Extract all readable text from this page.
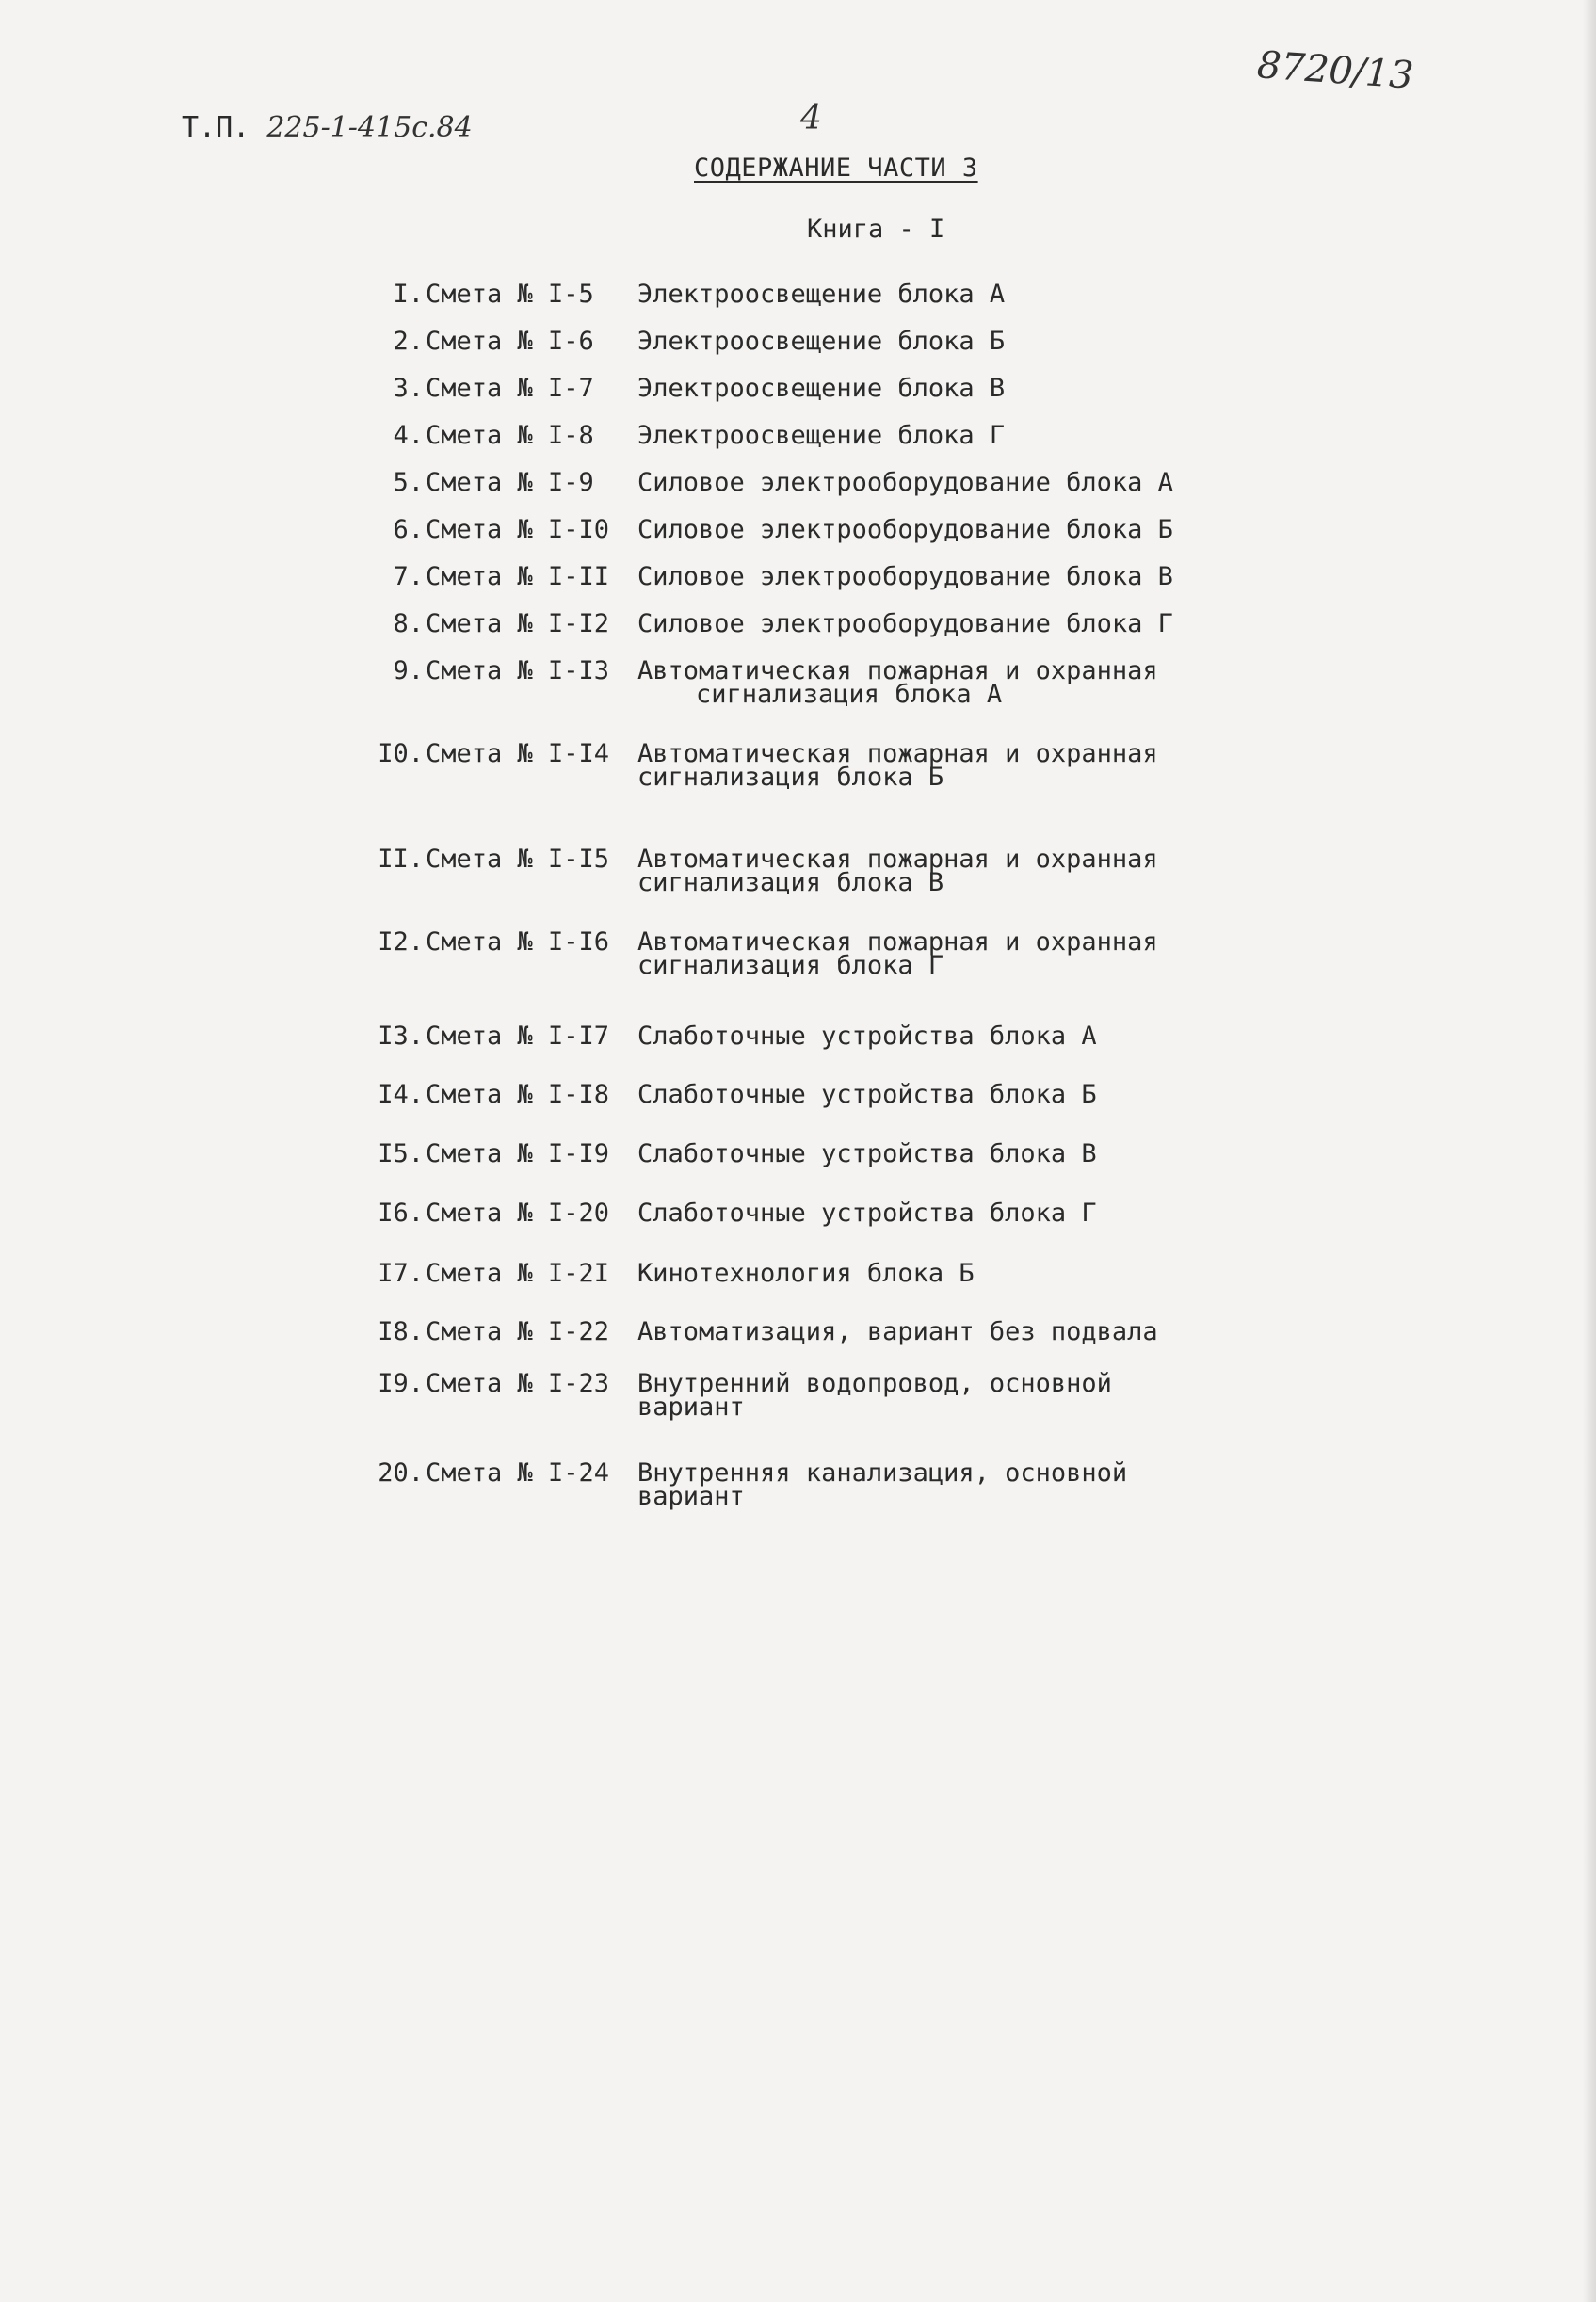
8720/13
Т.П. 225-1-415с.84	4
СОДЕРЖАНИЕ ЧАСТИ 3
Книга - I
I. Смета № I-5 Электроосвещение блока А
2. Смета № I-6 Электроосвещение блока Б
3. Смета № I-7 Электроосвещение блока В
4. Смета № I-8 Электроосвещение блока Г
5. Смета № I-9 Силовое электрооборудование блока А
6. Смета № I-I0 Силовое электрооборудование блока Б
7. Смета № I-II Силовое электрооборудование блока В
8. Смета № I-I2 Силовое электрооборудование блока Г
9. Смета № I-I3 Автоматическая пожарная и охранная
сигнализация блока А
I0. Смета № I-I4 Автоматическая пожарная и охранная
сигнализация блока Б
II. Смета № I-I5 Автоматическая пожарная и охранная
сигнализация блока В
I2. Смета № I-I6 Автоматическая пожарная и охранная
сигнализация блока Г
I3. Смета № I-I7 Слаботочные устройства блока А
I4. Смета № I-I8 Слаботочные устройства блока Б
I5. Смета № I-I9 Слаботочные устройства блока В
I6. Смета № I-20 Слаботочные устройства блока Г
I7. Смета № I-2I Кинотехнология блока Б
I8. Смета № I-22 Автоматизация, вариант без подвала
I9. Смета № I-23 Внутренний водопровод, основной
вариант
20. Смета № I-24 Внутренняя канализация, основной
вариант
